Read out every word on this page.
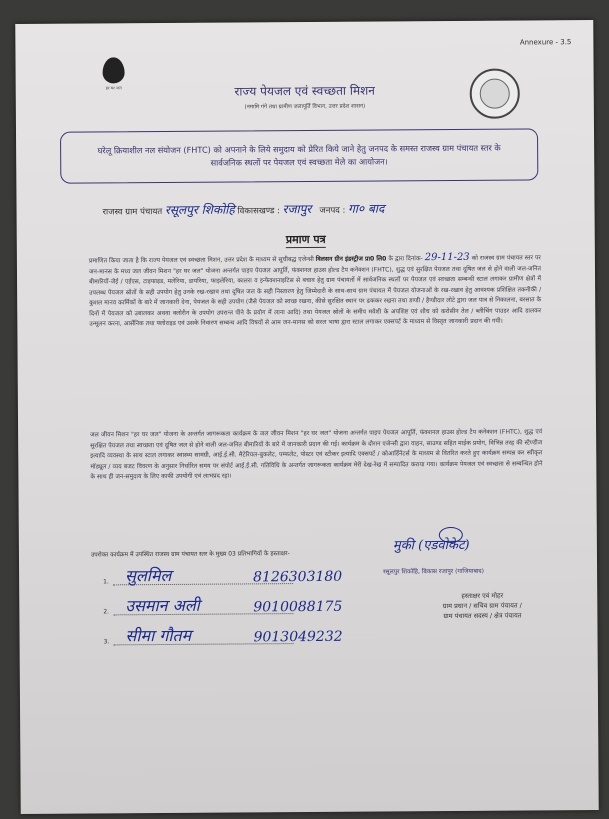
Annexure - 3.5
हर घर जल	राज्य पेयजल एवं स्वच्छता मिशन
(नमामि गंगे तथा ग्रामीण जलापूर्ति विभाग, उत्तर प्रदेश शासन)
घरेलू क्रियाशील नल संयोजन (FHTC) को अपनाने के लिये समुदाय को प्रेरित किये जाने हेतु जनपद के समस्त राजस्व ग्राम पंचायत स्तर के सार्वजनिक स्थलों पर पेयजल एवं स्वच्छता मेले का आयोजन।
राजस्व ग्राम पंचायत रसूलपुर शिकोहि विकासखण्ड : रजापुर जनपद : गा० बाद
प्रमाण पत्र
प्रमाणित किया जाता है कि राज्य पेयजल एवं स्वच्छता मिशन, उत्तर प्रदेश के माध्यम से सूचीबद्ध एजेन्सी विलसन ग्रीन इंडस्ट्रीज प्रा0 लि0 के द्वारा दिनांक- 29-11-23 को राजस्व ग्राम पंचायत स्तर पर जन-मानस के मध्य जल जीवन मिशन "हर घर जल" योजना अन्तर्गत पाइप पेयजल आपूर्ति, फंक्शनल हाउस होल्ड टैप कनेक्शन (FHTC), शुद्ध एवं सुरक्षित पेयजल तथा दूषित जल से होने वाली जल-जनित बीमारियों-जेई / एईएस, टाइफाइड, मलेरिया, डायरिया, फाइलेरिया, कालरा व इन्फेक्शनाइटिस से बचाव हेतु ग्राम पंचायतों में सार्वजनिक स्थलों पर पेयजल एवं स्वच्छता सम्बन्धी स्टाल लगाकर ग्रामीण क्षेत्रों में उपलब्ध पेयजल स्रोतों के सही उपयोग हेतु उनके रख-रखाव तथा दूषित जल के सही निस्तारण हेतु जिम्मेदारी के साथ-साथ ग्राम पंचायत में पेयजल योजनाओं के रख-रखाव हेतु आवश्यक प्रशिक्षित तकनीकी / कुशल मानव कार्मिकों के बारे में जानकारी देना, पेयजल के सही उपयोग (जैसे पेयजल को स्वच्छ रखना, कीसे सुरक्षित स्थान पर ढककर रखना तथा डण्डी / हैण्डीदार लोटे द्वारा जल पात्र से निकालना, बरसात के दिनों में पेयजल को उबालकर अथवा क्लोरीन के उपयोग उपरान्त पीने के प्रयोग में लाना आदि) तथा पेयजल स्रोतों के समीप मवेशी के अपशिष्ट एवं शौच को करोसीन तेल / ब्लीचिंग पाउडर आदि डालकर उन्मूलन करना, आर्सेनिक तथा फ्लोराइड एवं उसके निवारण सम्बन्ध आदि विषयों से आम जन-मानस को सरल भाषा द्वारा स्टाल लगाकर एक्सपर्ट के माध्यम से विस्तृत जानकारी प्रदान की गयी।
जल जीवन मिशन "हर घर जल" योजना के अन्तर्गत जागरूकता कार्यक्रम के जल जीवन मिशन "हर घर जल" योजना अन्तर्गत पाइप पेयजल आपूर्ति, फंक्शनल हाउस होल्ड टैप कनेक्शन (FHTC), शुद्ध एवं सुरक्षित पेयजल तथा स्वच्छता एवं दूषित जल से होने वाली जल-जनित बीमारियों के बारे में जानकारी प्रदान की गई। कार्यक्रम के दौरान एजेन्सी द्वारा वाहन, साउण्ड सहित माईक प्रयोग, विभिन्न तरह की स्टैण्डीज इत्यादि व्यवस्था के साथ स्टाल लगाकर स्वास्थ्य सामग्री, आई.ई.सी. मैटेरियल-बुकलेट, पम्फलेट, पोस्टर एवं स्टीकर इत्यादि एक्सपर्ट / कोआर्डिनेटर्स के माध्यम से वितरित करते हुए कार्यक्रम सम्पन्न कर स्वीकृत मॉड्यूल / व्यय बजट विवरण के अनुसार निर्धारित समय पर संपोर्ट आई.ई.सी. गतिविधि के अन्तर्गत जागरूकता कार्यक्रम मेरी देख-रेख में सम्पादित कराया गया। कार्यक्रम पेयजल एवं स्वच्छता से सम्बन्धित होने के साथ ही जन-समुदाय के लिए काफी उपयोगी एवं लाभप्रद रहा।
उपरोक्त कार्यक्रम में उपस्थित राजस्व ग्राम पंचायत स्तर के मुख्य 03 प्रतिभागियों के हस्ताक्षर-
1. सुलमिल	8126303180
2. उसमान अली	9010088175
3. सीमा गौतम	9013049232
मुकी (एडवोकेट)
रसूलपुर शिकोहि, बिकास रजापुर (गाजियाबाद)
हस्ताक्षर एवं मोहर
ग्राम प्रधान / सचिव ग्राम पंचायत /
ग्राम पंचायत सदस्य / क्षेत्र पंचायत
